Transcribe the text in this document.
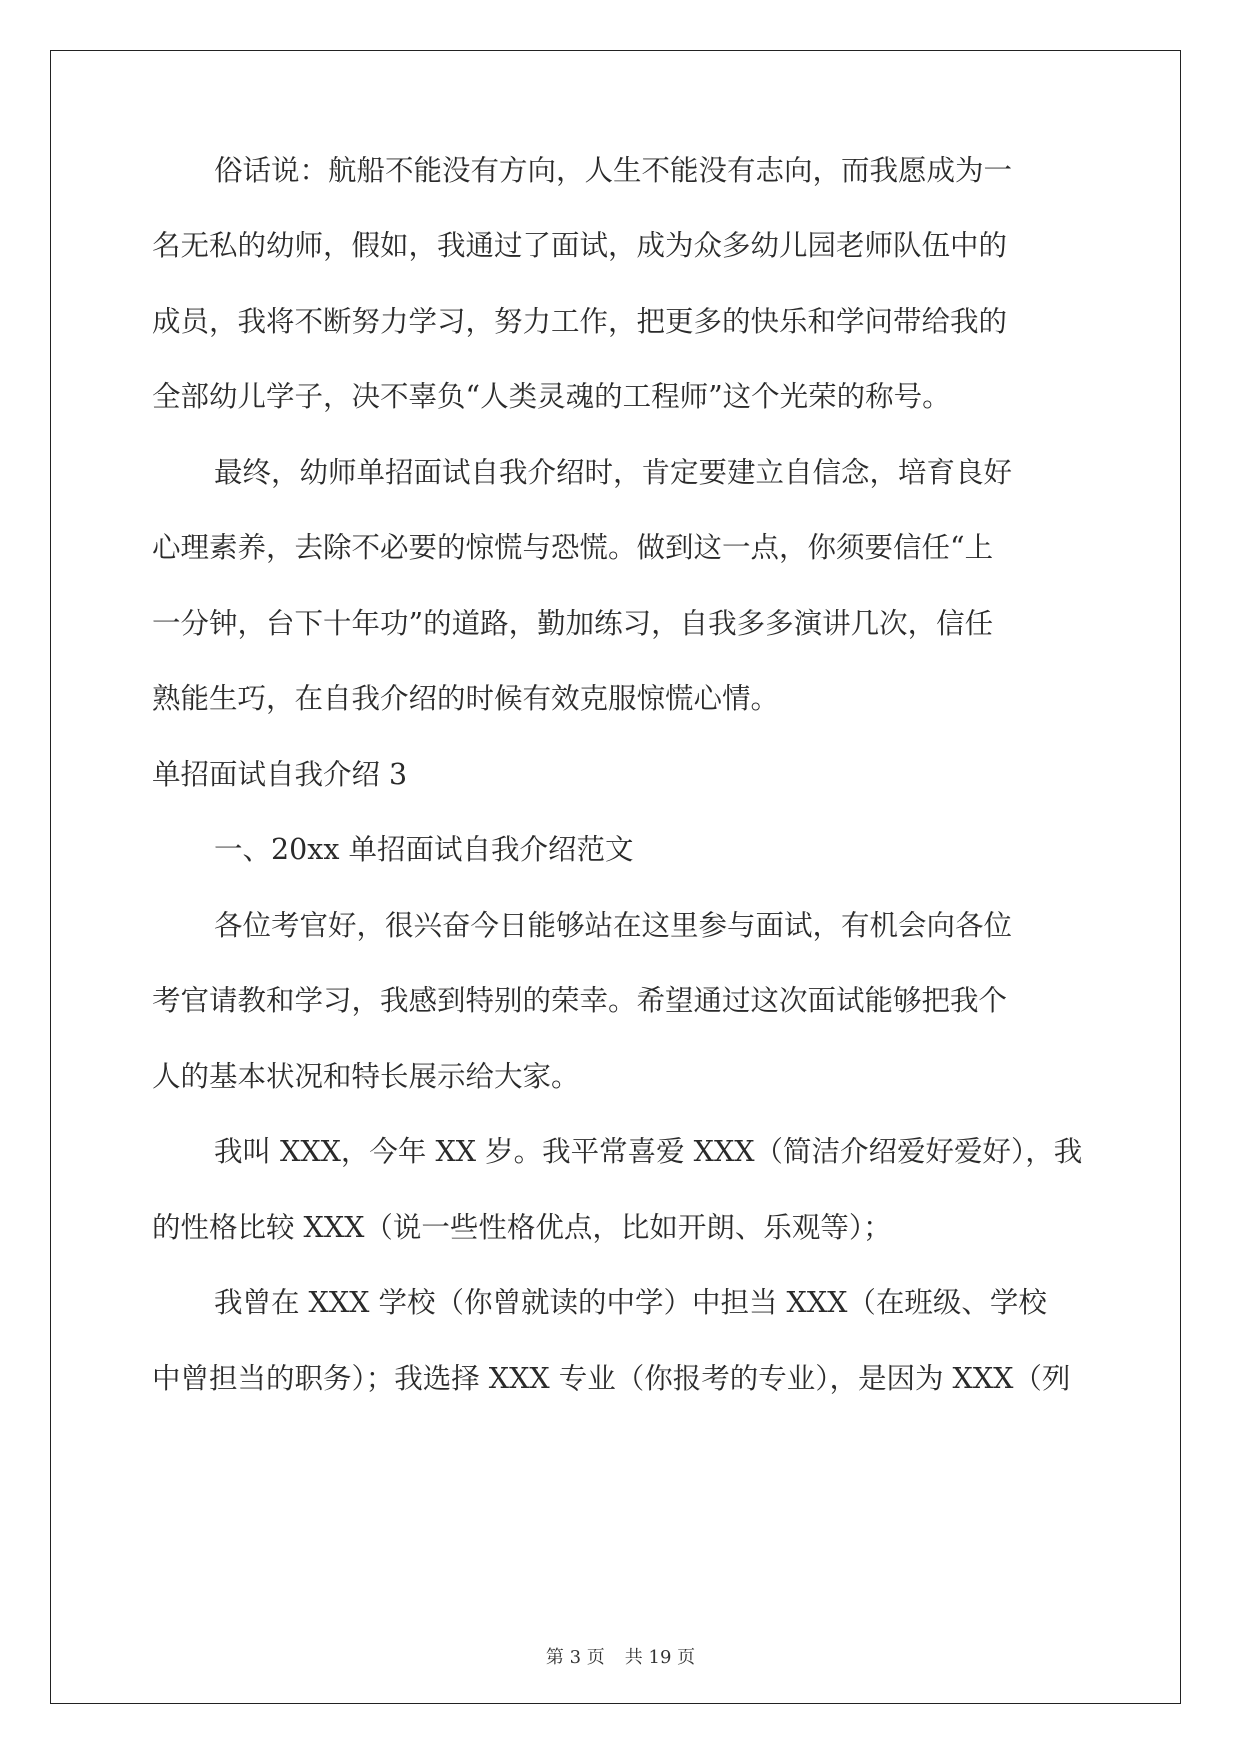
俗话说：航船不能没有方向，人生不能没有志向，而我愿成为一
名无私的幼师，假如，我通过了面试，成为众多幼儿园老师队伍中的
成员，我将不断努力学习，努力工作，把更多的快乐和学问带给我的
全部幼儿学子，决不辜负“人类灵魂的工程师”这个光荣的称号。
最终，幼师单招面试自我介绍时，肯定要建立自信念，培育良好
心理素养，去除不必要的惊慌与恐慌。做到这一点，你须要信任“上
一分钟，台下十年功”的道路，勤加练习，自我多多演讲几次，信任
熟能生巧，在自我介绍的时候有效克服惊慌心情。
单招面试自我介绍 3
一、20xx 单招面试自我介绍范文
各位考官好，很兴奋今日能够站在这里参与面试，有机会向各位
考官请教和学习，我感到特别的荣幸。希望通过这次面试能够把我个
人的基本状况和特长展示给大家。
我叫 XXX，今年 XX 岁。我平常喜爱 XXX（简洁介绍爱好爱好），我
的性格比较 XXX（说一些性格优点，比如开朗、乐观等）；
我曾在 XXX 学校（你曾就读的中学）中担当 XXX（在班级、学校
中曾担当的职务）；我选择 XXX 专业（你报考的专业），是因为 XXX（列
第 3 页 共 19 页
